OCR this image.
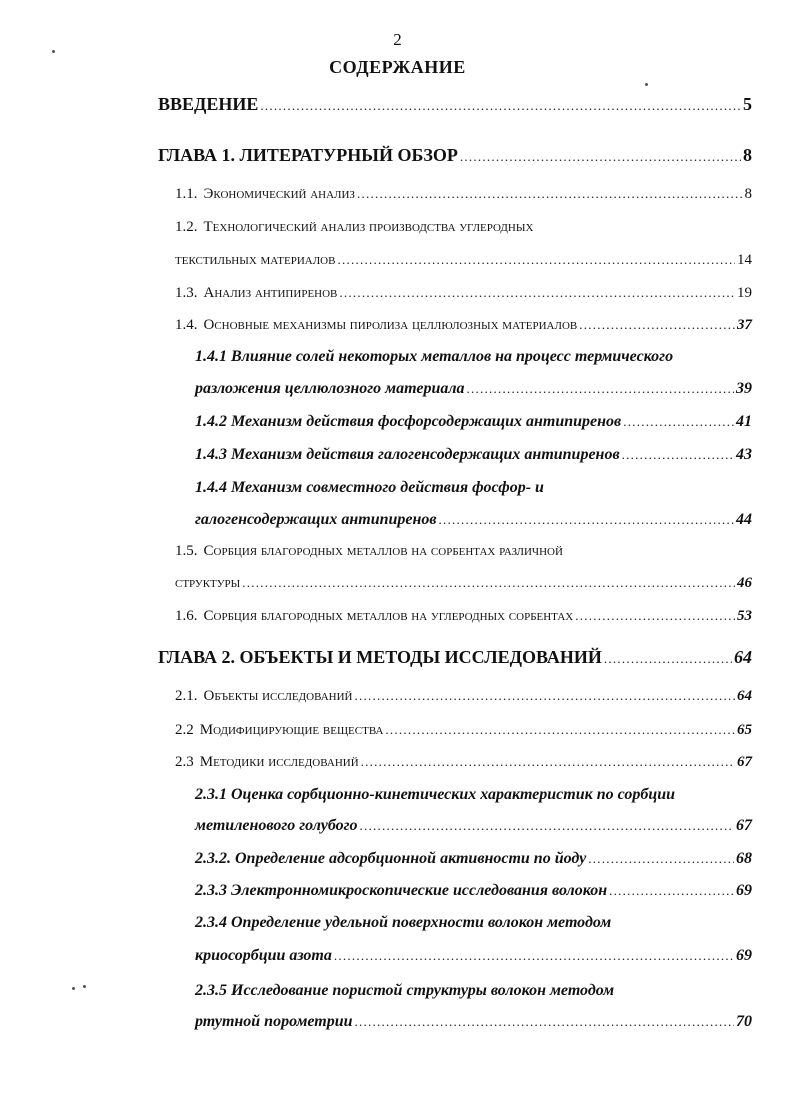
2
СОДЕРЖАНИЕ
ВВЕДЕНИЕ . . .	5
ГЛАВА 1. ЛИТЕРАТУРНЫЙ ОБЗОР . . .	8
1.1. Экономический анализ . . .	8
1.2. Технологический анализ производства углеродных
текстильных материалов . . .	14
1.3. Анализ антипиренов . . .	19
1.4. Основные механизмы пиролиза целлюлозных материалов . . .	37
1.4.1 Влияние солей некоторых металлов на процесс термического
разложения целлюлозного материала . . .	39
1.4.2 Механизм действия фосфорсодержащих антипиренов . . .	41
1.4.3 Механизм действия галогенсодержащих антипиренов . . .	43
1.4.4 Механизм совместного действия фосфор- и
галогенсодержащих антипиренов . . .	44
1.5. Сорбция благородных металлов на сорбентах различной
структуры . . .	46
1.6. Сорбция благородных металлов на углеродных сорбентах . . .	53
ГЛАВА 2. ОБЪЕКТЫ И МЕТОДЫ ИССЛЕДОВАНИЙ . . .	64
2.1. Объекты исследований . . .	64
2.2 Модифицирующие вещества . . .	65
2.3 Методики исследований . . .	67
2.3.1 Оценка сорбционно-кинетических характеристик по сорбции
метиленового голубого . . .	67
2.3.2. Определение адсорбционной активности по йоду . . .	68
2.3.3 Электронномикроскопические исследования волокон . . .	69
2.3.4 Определение удельной поверхности волокон методом
криосорбции азота . . .	69
2.3.5 Исследование пористой структуры волокон методом
ртутной порометрии . . .	70
